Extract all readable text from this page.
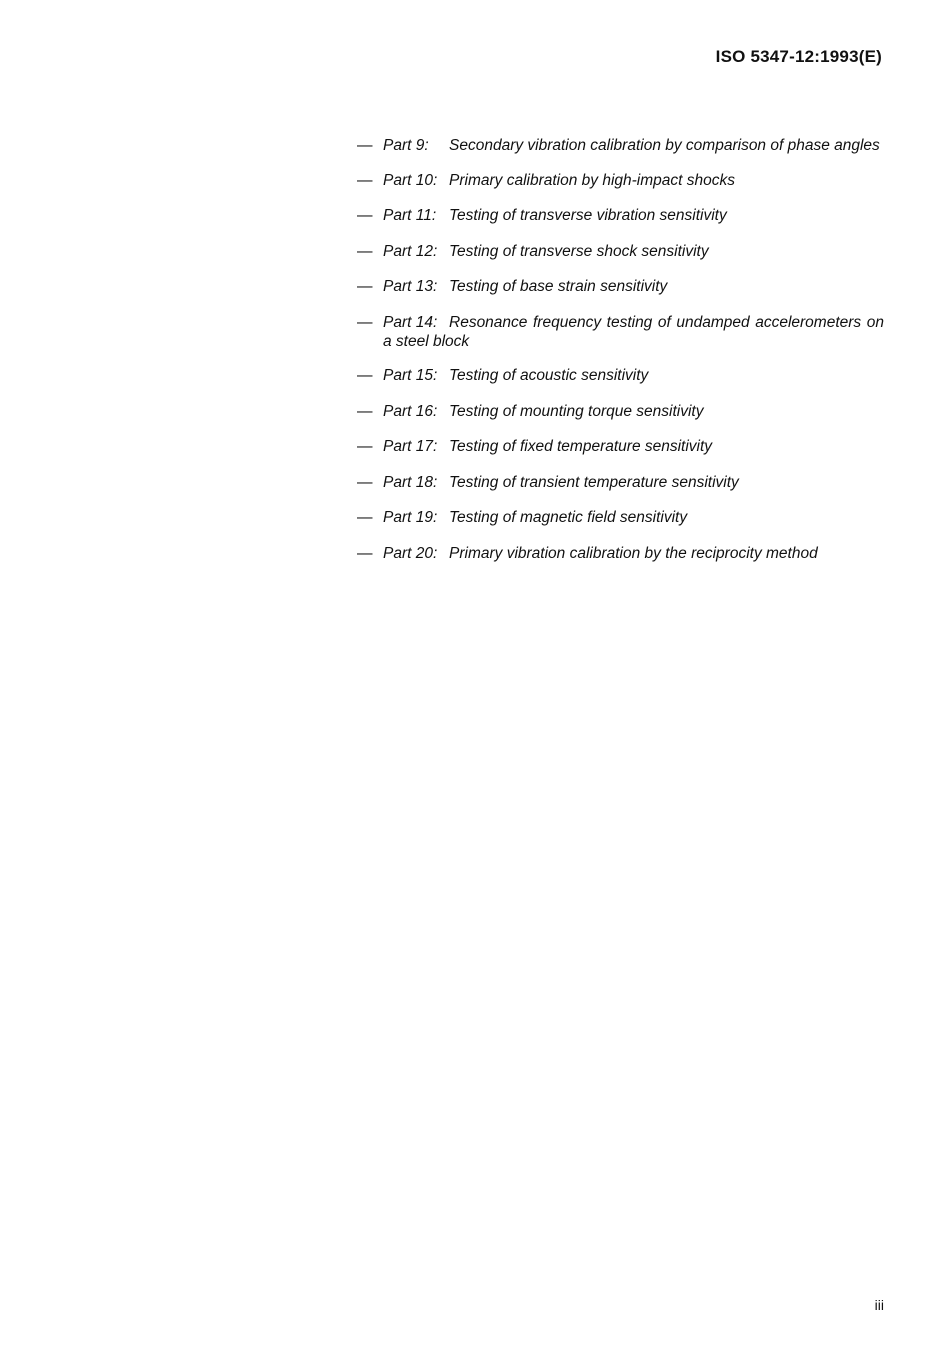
ISO 5347-12:1993(E)
— Part 9: Secondary vibration calibration by comparison of phase angles
— Part 10: Primary calibration by high-impact shocks
— Part 11: Testing of transverse vibration sensitivity
— Part 12: Testing of transverse shock sensitivity
— Part 13: Testing of base strain sensitivity
— Part 14: Resonance frequency testing of undamped accelerometers on a steel block
— Part 15: Testing of acoustic sensitivity
— Part 16: Testing of mounting torque sensitivity
— Part 17: Testing of fixed temperature sensitivity
— Part 18: Testing of transient temperature sensitivity
— Part 19: Testing of magnetic field sensitivity
— Part 20: Primary vibration calibration by the reciprocity method
iii
